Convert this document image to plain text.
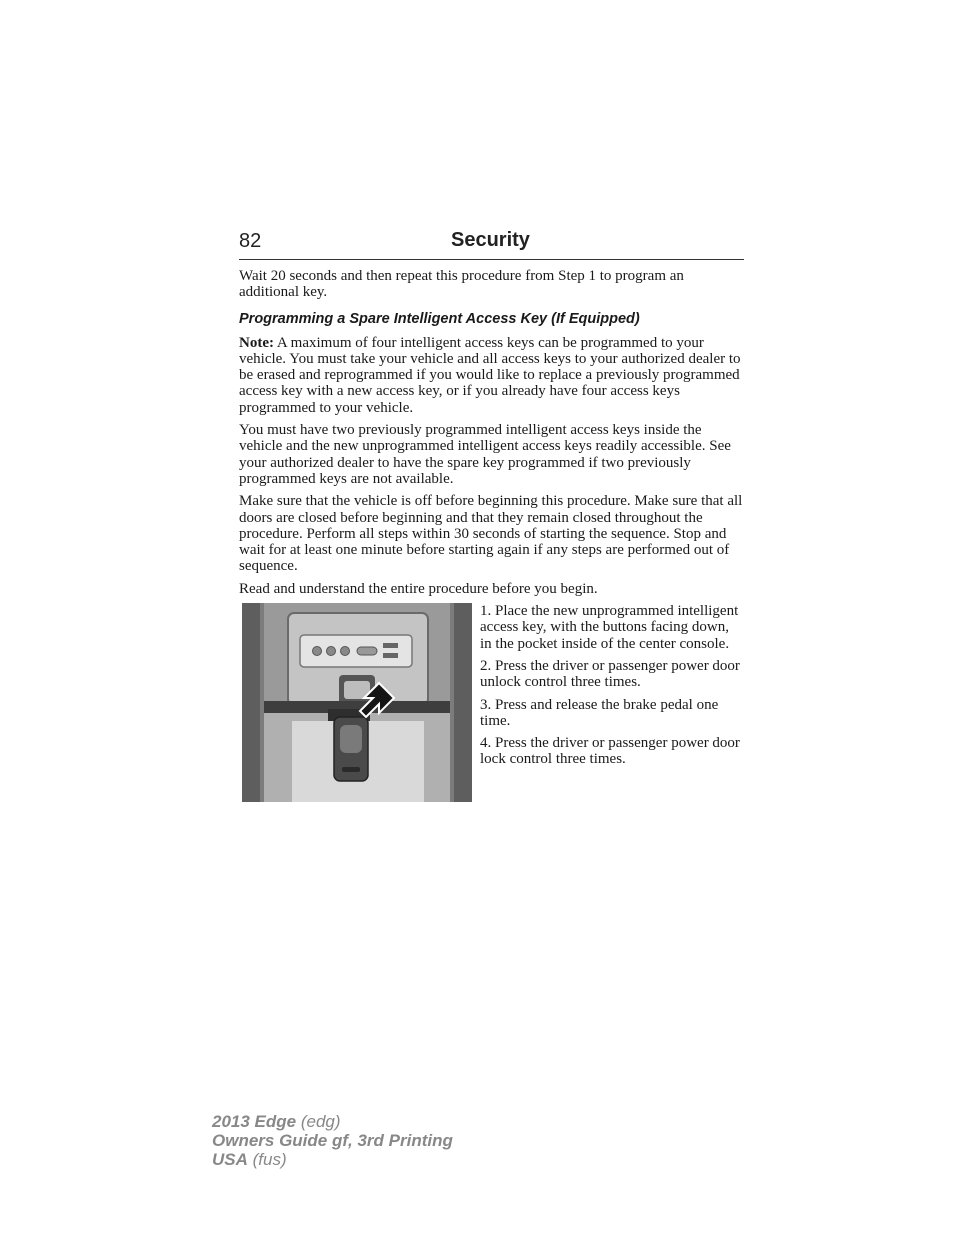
82	Security

Wait 20 seconds and then repeat this procedure from Step 1 to program an additional key.

Programming a Spare Intelligent Access Key (If Equipped)

Note: A maximum of four intelligent access keys can be programmed to your vehicle. You must take your vehicle and all access keys to your authorized dealer to be erased and reprogrammed if you would like to replace a previously programmed access key with a new access key, or if you already have four access keys programmed to your vehicle.

You must have two previously programmed intelligent access keys inside the vehicle and the new unprogrammed intelligent access keys readily accessible. See your authorized dealer to have the spare key programmed if two previously programmed keys are not available.

Make sure that the vehicle is off before beginning this procedure. Make sure that all doors are closed before beginning and that they remain closed throughout the procedure. Perform all steps within 30 seconds of starting the sequence. Stop and wait for at least one minute before starting again if any steps are performed out of sequence.

Read and understand the entire procedure before you begin.

1. Place the new unprogrammed intelligent access key, with the buttons facing down, in the pocket inside of the center console.

2. Press the driver or passenger power door unlock control three times.

3. Press and release the brake pedal one time.

4. Press the driver or passenger power door lock control three times.

2013 Edge (edg)
Owners Guide gf, 3rd Printing
USA (fus)
